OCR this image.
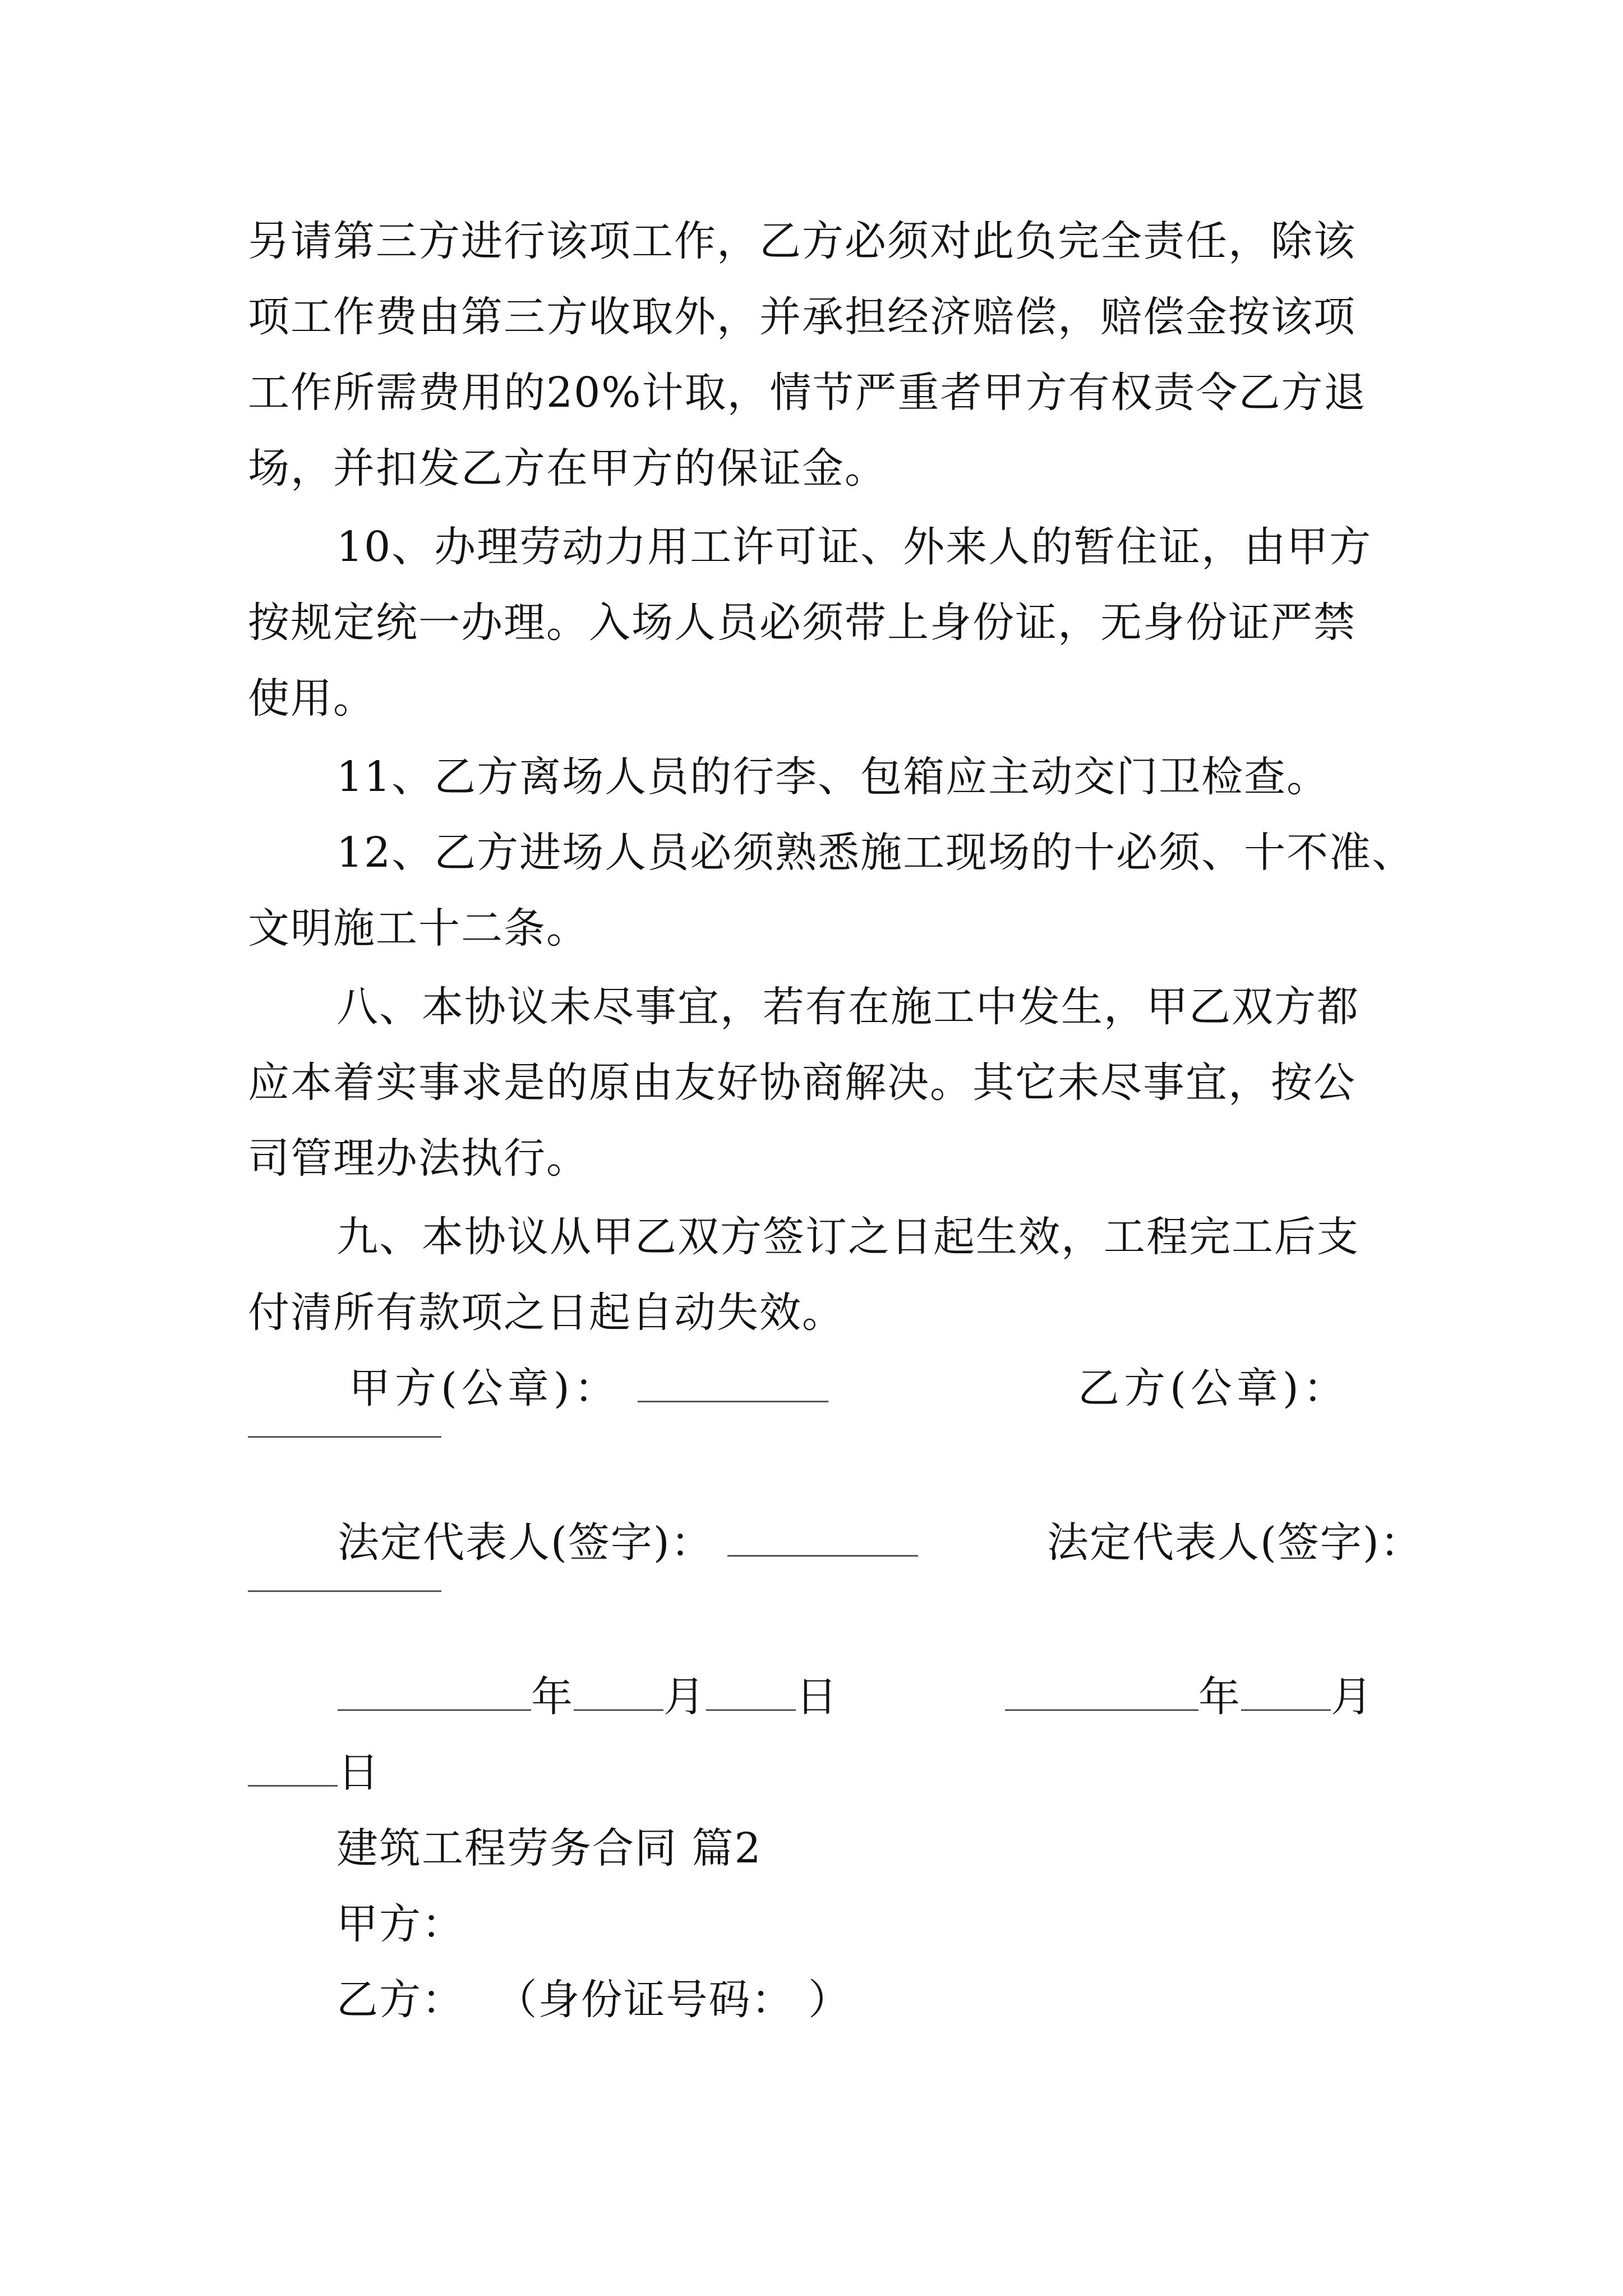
另请第三方进行该项工作，乙方必须对此负完全责任，除该
项工作费由第三方收取外，并承担经济赔偿，赔偿金按该项
工作所需费用的20%计取，情节严重者甲方有权责令乙方退
场，并扣发乙方在甲方的保证金。
10、办理劳动力用工许可证、外来人的暂住证，由甲方
按规定统一办理。入场人员必须带上身份证，无身份证严禁
使用。
11、乙方离场人员的行李、包箱应主动交门卫检查。
12、乙方进场人员必须熟悉施工现场的十必须、十不准、
文明施工十二条。
八、本协议未尽事宜，若有在施工中发生，甲乙双方都
应本着实事求是的原由友好协商解决。其它未尽事宜，按公
司管理办法执行。
九、本协议从甲乙双方签订之日起生效，工程完工后支
付清所有款项之日起自动失效。
甲方(公章)：	乙方(公章)：
法定代表人(签字)：	法定代表人(签字)：
年 月 日	年 月
日
建筑工程劳务合同 篇2
甲方：
乙方： （身份证号码： ）
